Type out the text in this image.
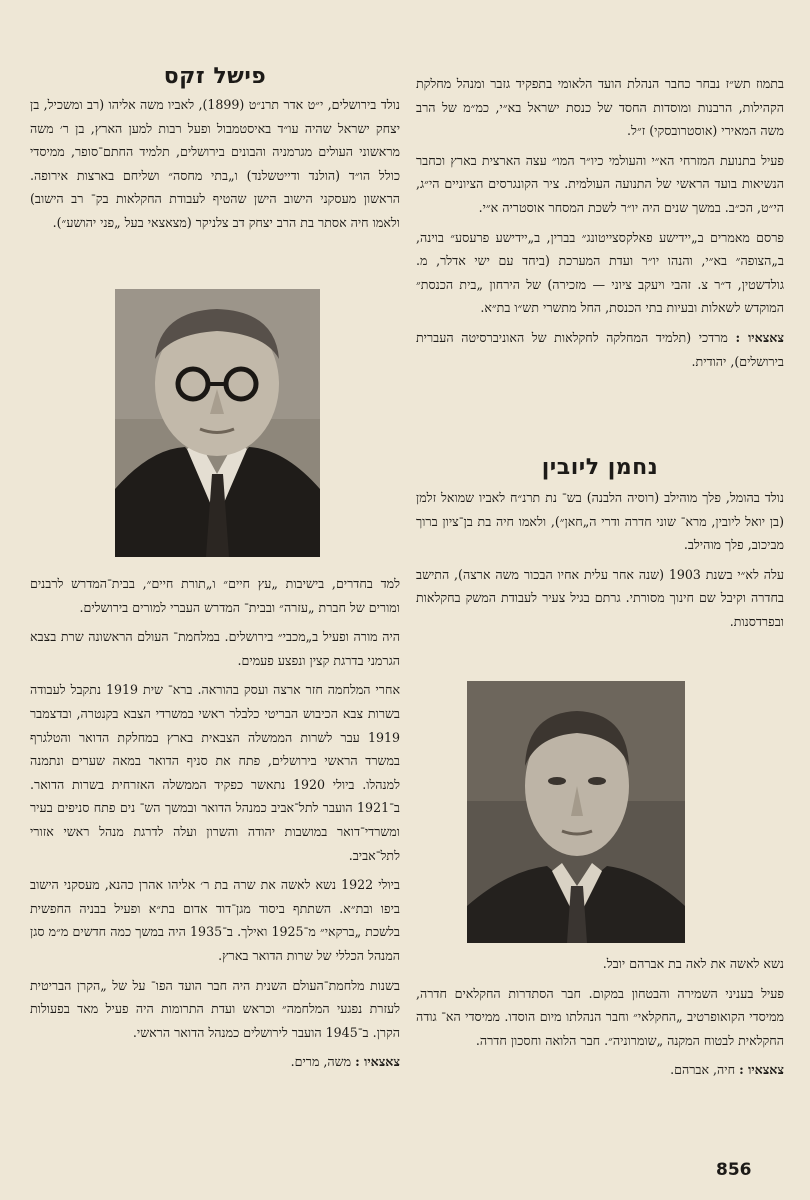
בתמוז תש״ז נבחר כחבר הנהלת הועד הלאומי בתפקיד גזבר ומנהל מחלקת הקהילות, הרבנות ומוסדות החסד של כנסת ישראל בא״י, כמ״מ של הרב משה המאירי (אוסטרובסקי) ז״ל.

פעיל בתנועת המזרחי הא״י והעולמי כיו״ר המו״ עצה הארצית בארץ וכחבר הנשיאות בועד הראשי של התנועה העולמית. ציר הקונגרסים הציוניים הי״ג, הי״ט, הכ״ב. במשך שנים היה יו״ר לשכת המסחר אוסטריה א״י.

פרסם מאמרים ב„יידישע פאלקסצייטונג״ בברין, ב„יידישע פרעסע״ בוינה, ב„הצופה״ בא״י, והנהו יו״ר ועדת המערכת (ביחד עם ישי אדלר, מ. גולדשטין, ד״ר צ. זהבי ויעקב ציוני — מזכירה) של הירחון „בית הכנסת״ המוקדש לשאלות ובעיות בתי הכנסת, החל מתשרי תש״ו בת״א.

צאצאיו : מרדכי (תלמיד המחלקה לחקלאות של האוניברסיטה העברית בירושלים), יהודית.

נחמן ליובין

נולד בהומל, פלך מוהילב (רוסיה הלבנה) בש־ נת תרנ״ח לאביו שמואל זלמן (בן יואל ליובין, מרא־ שוני חדרה ודרי ה„חאן״), ולאמו חיה בת בן־ציון ברוך מביכוב, פלך מוהילב.

עלה לא״י בשנת 1903 (שנה אחר עלית אחיו הבכור משה ארצה), התישב בחדרה וקיבל שם חינוך מסורתי. גרתם בגיל צעיר לעבודת המשק בחקלאות ובפרדסנות.

נשא לאשה את לאה בת אברהם יובל.

פעיל בעניני השמירה והבטחון במקום. חבר הסתדרות החקלאים חדרה, ממיסדי הקואופרטיב „החקלאי״ וחבר הנהלתו מיום הוסדו. ממיסדי הא־ גודה החקלאית לבטוח המקנה „שומרוניה״. חבר הלואה וחסכון חדרה.

צאצאיו : חיה, אברהם.

פישל זקס

נולד בירושלים, י״ט אדר תרנ״ט (1899), לאביו משה אליהו (רב ומשכיל, בן יצחק ישראל שהיה עו״ד באיסטמבול ופעל רבות למען הארץ, בן ר׳ משה מראשוני העולים מגרמניה והבונים בירושלים, תלמיד החתם־סופר, ממיסדי כולל הו״ד (הולנד ודייטשלנד) ו„בתי מחסה״ ושליחם בארצות אירופה. הראשון מעסקני הישוב הישן שהטיף לעבודת החקלאות בק־ רב הישוב) ולאמו חיה אסתר בת הרב יצחק דב צלניקר (מצאצאי בעל „פני יהושע״).

למד בחדרים, בישיבות „עץ חיים״ ו„תורת חיים״, בבית־המדרש לרבנים ומורים של חברת „עזרה״ ובבית־ המדרש העברי למורים בירושלים.

היה מורה ופעיל ב„מכבי״ בירושלים. במלחמת־ העולם הראשונה שרת בצבא הגרמני בדרגת קצין ונפצע פעמים.

אחרי המלחמה חזר ארצה ועסק בהוראה. ברא־ שית 1919 נתקבל לעבודה בשרות צבא הכיבוש הבריטי כלבלר ראשי במשרדי הצבא בקנטרה, ובדצמבר 1919 עבר לשרות הממשלה הצבאית בארץ במחלקת הדואר והטלגרף במשרד הראשי בירושלים, פתח את סניף הדואר במאה שערים ונתמנה למנהלו. ביולי 1920 נתאשר כפקיד הממשלה האזרחית בשרות הדואר. ב־1921 הועבר לתל־אביב כמנהל הדואר ובמשך הש־ נים פתח סניפים בעיר ומשרדי־דואר במושבות יהודה והשרון ועלה לדרגת מנהל ראשי אזורי לתל־אביב.

ביולי 1922 נשא לאשה את שרה בת ר׳ אליהו אהרן כהנא, מעסקני הישוב ביפו ובת״א. השתתף ביסוד מגן־דוד אדום בת״א ופעיל בבניה החפשית בלשכת „ברקאי״ מ־1925 ואילך. ב־1935 היה במשך כמה חדשים מ״מ סגן המנהל הכללי של שרות הדואר בארץ.

בשנות מלחמת־העולם השנית היה חבר הועד הפו־ על של „הקרן הבריטית לעזרת נפגעי המלחמה״ וכראש ועדת התרומות היה פעיל מאד בפעולות הקרן. ב־1945 הועבר לירושלים כמנהל הדואר הראשי.

צאצאיו : משה, מרים.

856
